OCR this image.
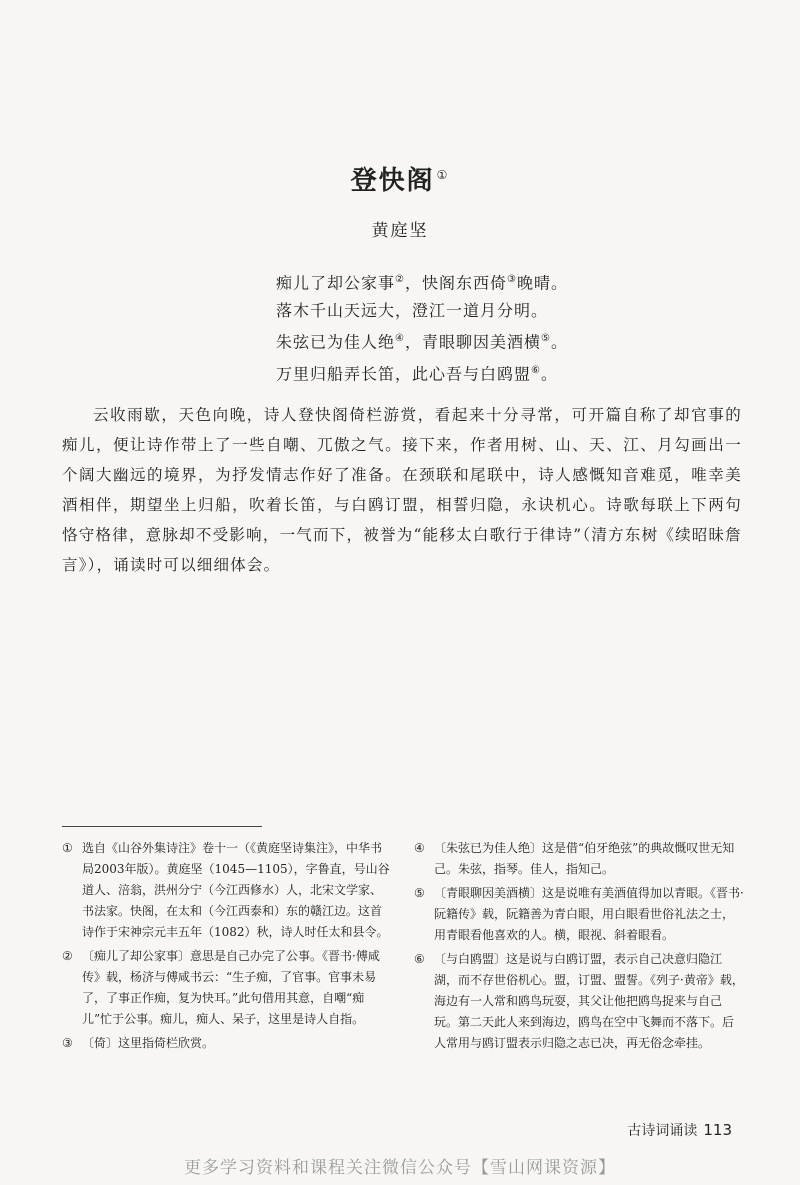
登快阁 ①
黄庭坚
痴儿了却公家事②，快阁东西倚③晚晴。
落木千山天远大，澄江一道月分明。
朱弦已为佳人绝④，青眼聊因美酒横⑤。
万里归船弄长笛，此心吾与白鸥盟⑥。

云收雨歇，天色向晚，诗人登快阁倚栏游赏，看起来十分寻常，可开篇自称了却官事的痴儿，便让诗作带上了一些自嘲、兀傲之气。接下来，作者用树、山、天、江、月勾画出一个阔大幽远的境界，为抒发情志作好了准备。在颈联和尾联中，诗人感慨知音难觅，唯幸美酒相伴，期望坐上归船，吹着长笛，与白鸥订盟，相誓归隐，永诀机心。诗歌每联上下两句恪守格律，意脉却不受影响，一气而下，被誉为“能移太白歌行于律诗”（清方东树《续昭昧詹言》），诵读时可以细细体会。

① 选自《山谷外集诗注》卷十一（《黄庭坚诗集注》，中华书局2003年版）。黄庭坚（1045—1105），字鲁直，号山谷道人、涪翁，洪州分宁（今江西修水）人，北宋文学家、书法家。快阁，在太和（今江西泰和）东的赣江边。这首诗作于宋神宗元丰五年（1082）秋，诗人时任太和县令。
② 〔痴儿了却公家事〕意思是自己办完了公事。《晋书·傅咸传》载，杨济与傅咸书云：“生子痴，了官事。官事未易了，了事正作痴，复为快耳。”此句借用其意，自嘲“痴儿”忙于公事。痴儿，痴人、呆子，这里是诗人自指。
③ 〔倚〕这里指倚栏欣赏。
④ 〔朱弦已为佳人绝〕这是借“伯牙绝弦”的典故慨叹世无知己。朱弦，指琴。佳人，指知己。
⑤ 〔青眼聊因美酒横〕这是说唯有美酒值得加以青眼。《晋书·阮籍传》载，阮籍善为青白眼，用白眼看世俗礼法之士，用青眼看他喜欢的人。横，眼视、斜着眼看。
⑥ 〔与白鸥盟〕这是说与白鸥订盟，表示自己决意归隐江湖，而不存世俗机心。盟，订盟、盟誓。《列子·黄帝》载，海边有一人常和鸥鸟玩耍，其父让他把鸥鸟捉来与自己玩。第二天此人来到海边，鸥鸟在空中飞舞而不落下。后人常用与鸥订盟表示归隐之志已决，再无俗念牵挂。
古诗词诵读 113
更多学习资料和课程关注微信公众号【雪山网课资源】
